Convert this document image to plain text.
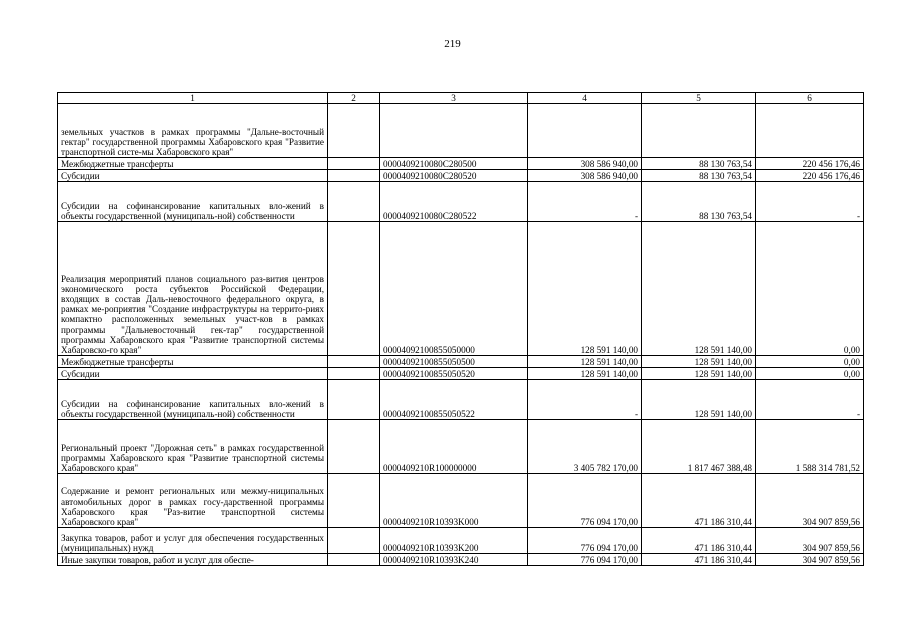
219
1	2	3	4	5	6
земельных участков в рамках программы "Дальне-восточный гектар" государственной программы Хабаровского края "Развитие транспортной систе-мы Хабаровского края"					
Межбюджетные трансферты		0000409210080С280500	308 586 940,00	88 130 763,54	220 456 176,46
Субсидии		0000409210080С280520	308 586 940,00	88 130 763,54	220 456 176,46
Субсидии на софинансирование капитальных вло-жений в объекты государственной (муниципаль-ной) собственности		0000409210080С280522	-	88 130 763,54	-
Реализация мероприятий планов социального раз-вития центров экономического роста субъектов Российской Федерации, входящих в состав Даль-невосточного федерального округа, в рамках ме-роприятия "Создание инфраструктуры на террито-риях компактно расположенных земельных участ-ков в рамках программы "Дальневосточный гек-тар" государственной программы Хабаровского края "Развитие транспортной системы Хабаровско-го края"		00004092100855050000	128 591 140,00	128 591 140,00	0,00
Межбюджетные трансферты		00004092100855050500	128 591 140,00	128 591 140,00	0,00
Субсидии		00004092100855050520	128 591 140,00	128 591 140,00	0,00
Субсидии на софинансирование капитальных вло-жений в объекты государственной (муниципаль-ной) собственности		00004092100855050522	-	128 591 140,00	-
Региональный проект "Дорожная сеть" в рамках государственной программы Хабаровского края "Развитие транспортной системы Хабаровского края"		0000409210R100000000	3 405 782 170,00	1 817 467 388,48	1 588 314 781,52
Содержание и ремонт региональных или межму-ниципальных автомобильных дорог в рамках госу-дарственной программы Хабаровского края "Раз-витие транспортной системы Хабаровского края"		0000409210R10393K000	776 094 170,00	471 186 310,44	304 907 859,56
Закупка товаров, работ и услуг для обеспечения государственных (муниципальных) нужд		0000409210R10393K200	776 094 170,00	471 186 310,44	304 907 859,56
Иные закупки товаров, работ и услуг для обеспе-		0000409210R10393K240	776 094 170,00	471 186 310,44	304 907 859,56
